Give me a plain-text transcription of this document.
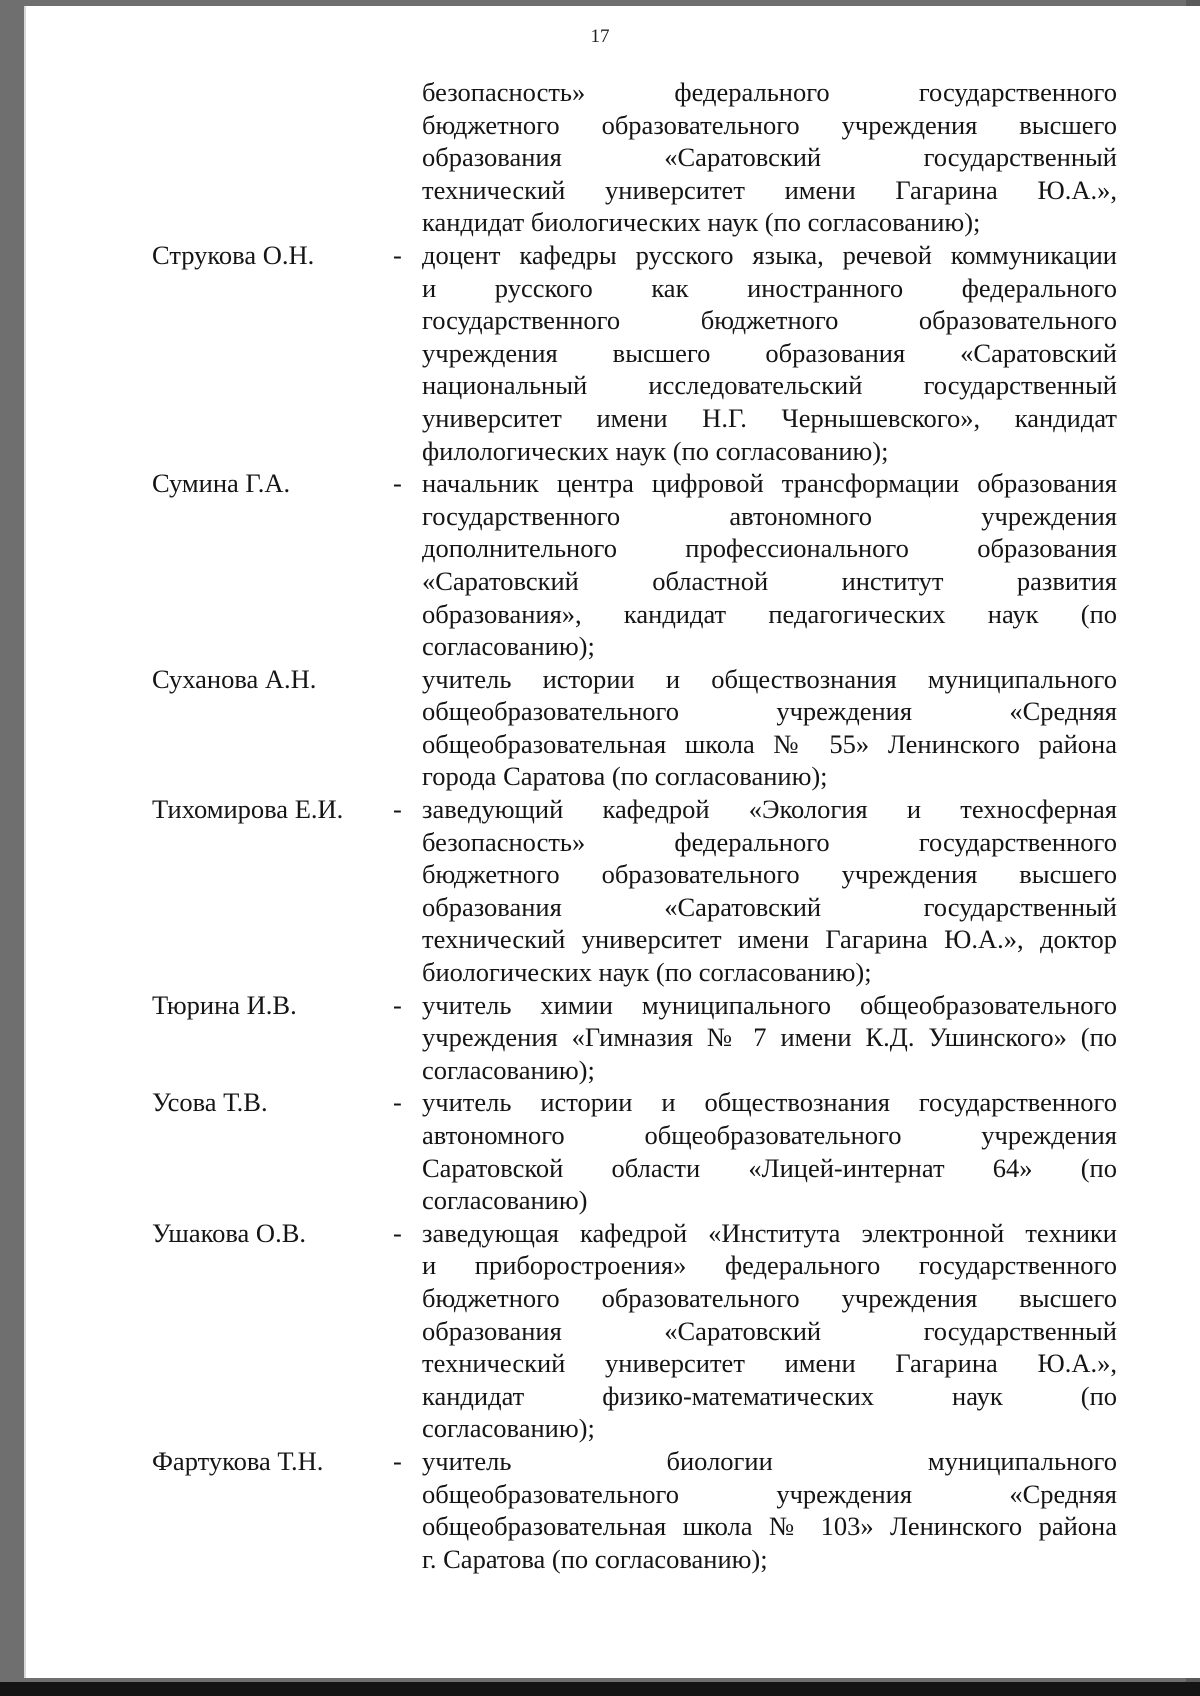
17
безопасность» федерального государственного
бюджетного образовательного учреждения высшего
образования «Саратовский государственный
технический университет имени Гагарина Ю.А.»,
кандидат биологических наук (по согласованию);
Струкова О.Н.	- доцент кафедры русского языка, речевой коммуникации
и русского как иностранного федерального
государственного бюджетного образовательного
учреждения высшего образования «Саратовский
национальный исследовательский государственный
университет имени Н.Г. Чернышевского», кандидат
филологических наук (по согласованию);
Сумина Г.А.	- начальник центра цифровой трансформации образования
государственного автономного учреждения
дополнительного профессионального образования
«Саратовский областной институт развития
образования», кандидат педагогических наук (по
согласованию);
Суханова А.Н.	учитель истории и обществознания муниципального
общеобразовательного учреждения «Средняя
общеобразовательная школа № 55» Ленинского района
города Саратова (по согласованию);
Тихомирова Е.И. - заведующий кафедрой «Экология и техносферная
безопасность» федерального государственного
бюджетного образовательного учреждения высшего
образования «Саратовский государственный
технический университет имени Гагарина Ю.А.», доктор
биологических наук (по согласованию);
Тюрина И.В.	- учитель химии муниципального общеобразовательного
учреждения «Гимназия № 7 имени К.Д. Ушинского» (по
согласованию);
Усова Т.В.	- учитель истории и обществознания государственного
автономного общеобразовательного учреждения
Саратовской области «Лицей-интернат 64» (по
согласованию)
Ушакова О.В.	- заведующая кафедрой «Института электронной техники
и приборостроения» федерального государственного
бюджетного образовательного учреждения высшего
образования «Саратовский государственный
технический университет имени Гагарина Ю.А.»,
кандидат физико-математических наук (по
согласованию);
Фартукова Т.Н.	- учитель биологии муниципального
общеобразовательного учреждения «Средняя
общеобразовательная школа № 103» Ленинского района
г. Саратова (по согласованию);
